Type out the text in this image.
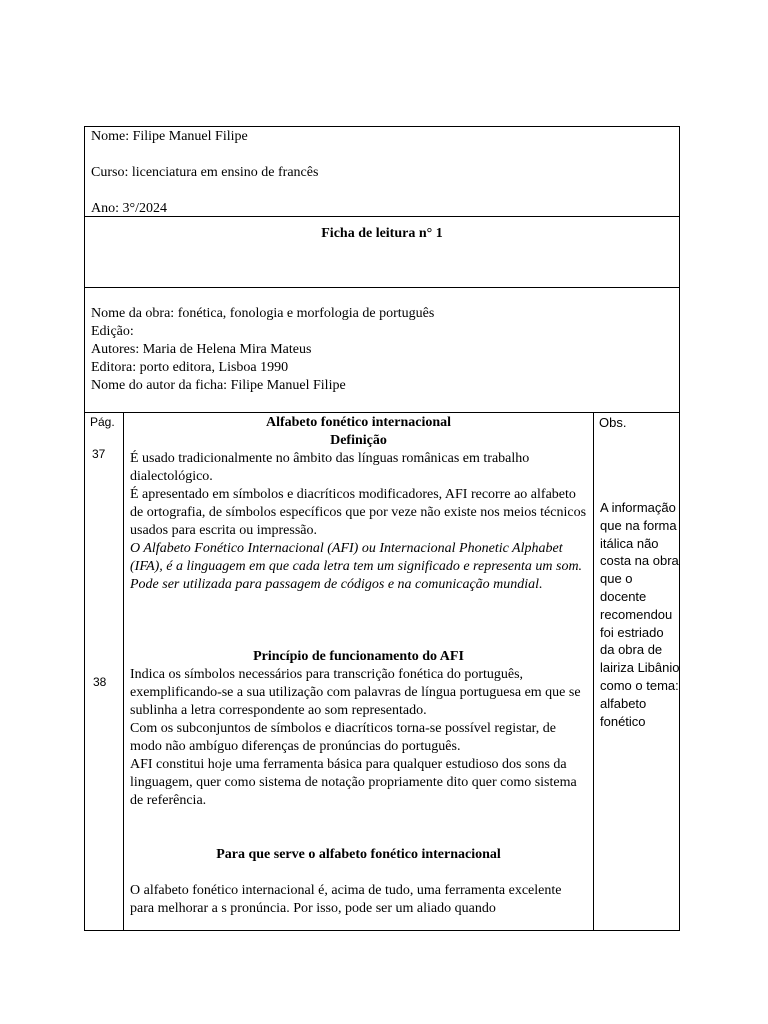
Nome: Filipe Manuel Filipe

Curso: licenciatura em ensino de francês

Ano: 3°/2024

Ficha de leitura n° 1
Nome da obra: fonética, fonologia e morfologia de português
Edição:
Autores: Maria de Helena Mira Mateus
Editora: porto editora, Lisboa 1990
Nome do autor da ficha: Filipe Manuel Filipe
Pág.
37
38
Alfabeto fonético internacional
Definição

É usado tradicionalmente no âmbito das línguas românicas em trabalho dialectológico.

É apresentado em símbolos e diacríticos modificadores, AFI recorre ao alfabeto de ortografia, de símbolos específicos que por veze não existe nos meios técnicos usados para escrita ou impressão.

O Alfabeto Fonético Internacional (AFI) ou Internacional Phonetic Alphabet (IFA), é a linguagem em que cada letra tem um significado e representa um som. Pode ser utilizada para passagem de códigos e na comunicação mundial.

Princípio de funcionamento do AFI

Indica os símbolos necessários para transcrição fonética do português, exemplificando-se a sua utilização com palavras de língua portuguesa em que se sublinha a letra correspondente ao som representado.

Com os subconjuntos de símbolos e diacríticos torna-se possível registar, de modo não ambíguo diferenças de pronúncias do português.

AFI constitui hoje uma ferramenta básica para qualquer estudioso dos sons da linguagem, quer como sistema de notação propriamente dito quer como sistema de referência.

Para que serve o alfabeto fonético internacional

O alfabeto fonético internacional é, acima de tudo, uma ferramenta excelente para melhorar a s pronúncia. Por isso, pode ser um aliado quando

Obs.
A informação que na forma itálica não costa na obra que o docente recomendou foi estriado da obra de lairiza Libânio como o tema: alfabeto fonético
